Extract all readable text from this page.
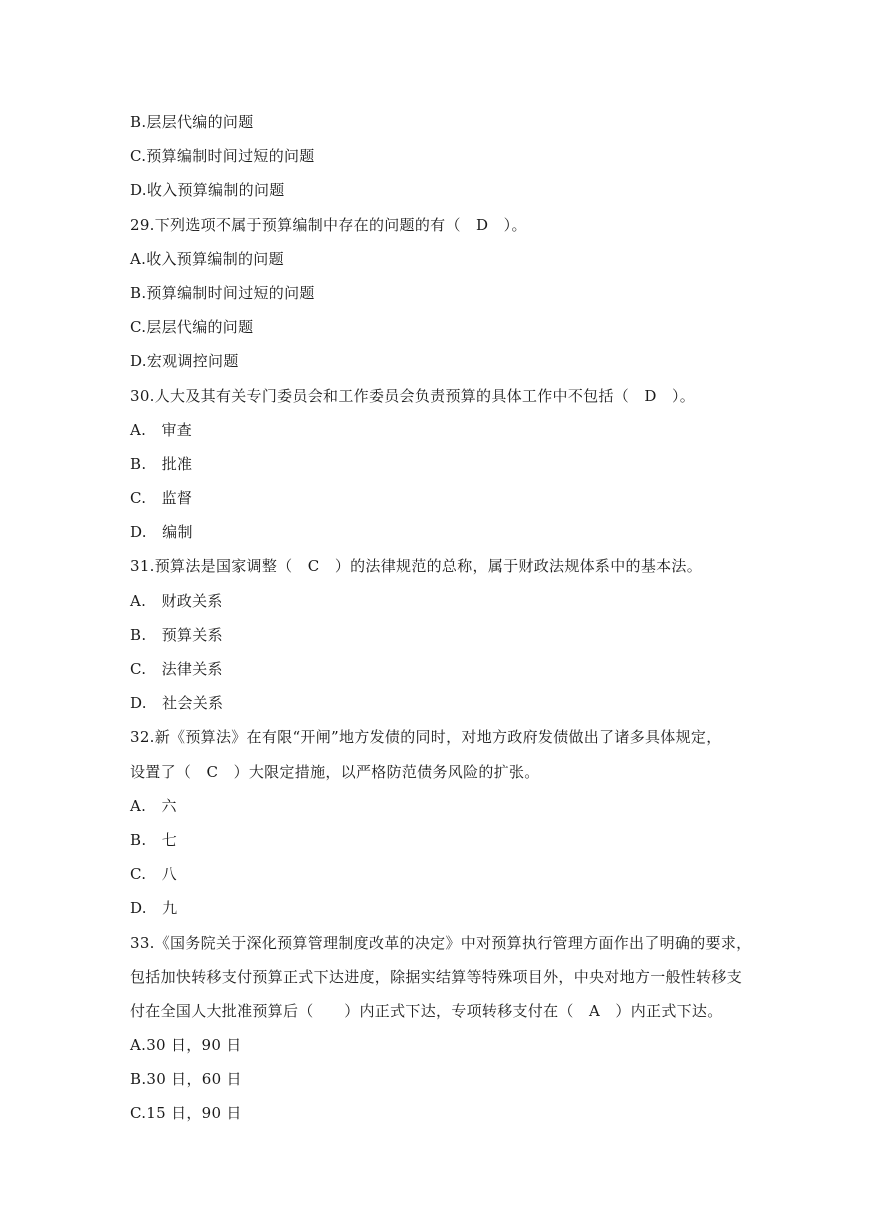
B.层层代编的问题
C.预算编制时间过短的问题
D.收入预算编制的问题
29.下列选项不属于预算编制中存在的问题的有（　D　）。
A.收入预算编制的问题
B.预算编制时间过短的问题
C.层层代编的问题
D.宏观调控问题
30.人大及其有关专门委员会和工作委员会负责预算的具体工作中不包括（　D　）。
A.　审查
B.　批准
C.　监督
D.　编制
31.预算法是国家调整（　C　）的法律规范的总称，属于财政法规体系中的基本法。
A.　财政关系
B.　预算关系
C.　法律关系
D.　社会关系
32.新《预算法》在有限“开闸”地方发债的同时，对地方政府发债做出了诸多具体规定，
设置了（　C　）大限定措施，以严格防范债务风险的扩张。
A.　六
B.　七
C.　八
D.　九
33.《国务院关于深化预算管理制度改革的决定》中对预算执行管理方面作出了明确的要求，
包括加快转移支付预算正式下达进度，除据实结算等特殊项目外，中央对地方一般性转移支
付在全国人大批准预算后（　　）内正式下达，专项转移支付在（　A　）内正式下达。
A.30 日，90 日
B.30 日，60 日
C.15 日，90 日
